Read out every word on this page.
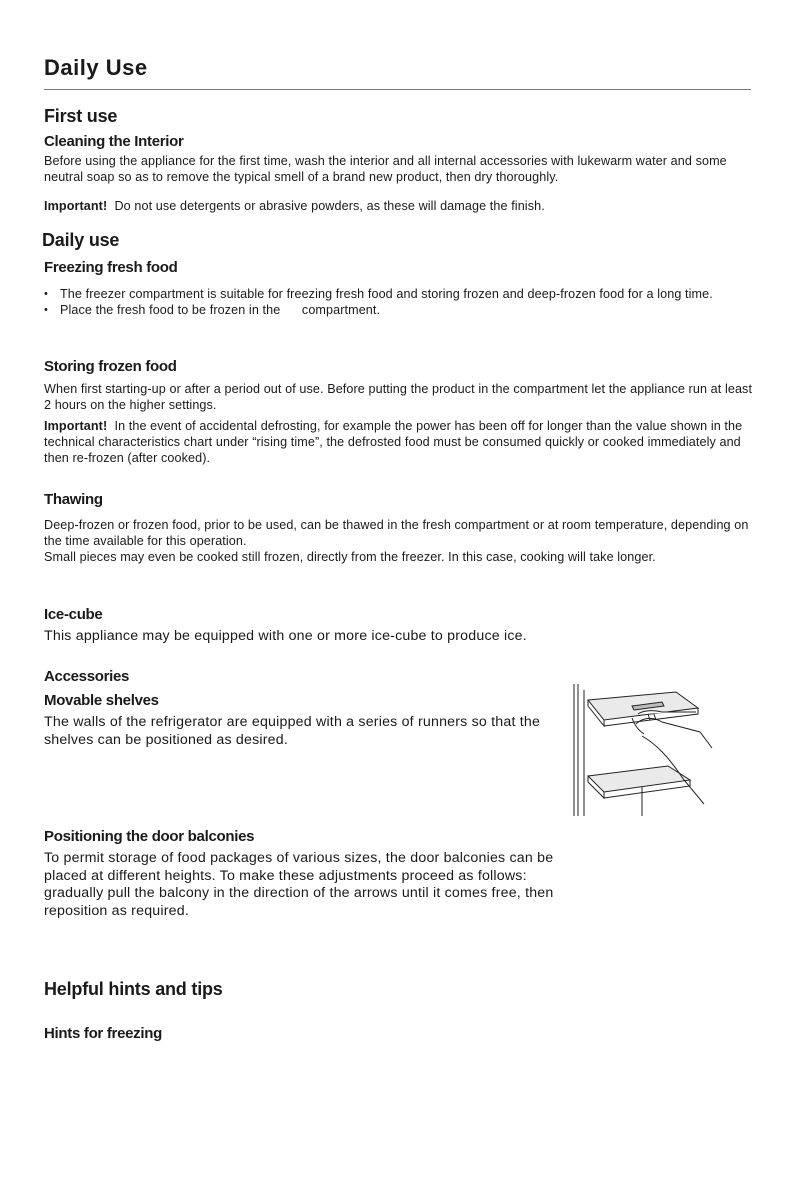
Daily Use
First use
Cleaning the Interior

Before using the appliance for the first time, wash the interior and all internal accessories with lukewarm water and some neutral soap so as to remove the typical smell of a brand new product, then dry thoroughly.

Important! Do not use detergents or abrasive powders, as these will damage the finish.

Daily use
Freezing fresh food
• The freezer compartment is suitable for freezing fresh food and storing frozen and deep-frozen food for a long time.
• Place the fresh food to be frozen in the      compartment.
Storing frozen food

When first starting-up or after a period out of use. Before putting the product in the compartment let the appliance run at least 2 hours on the higher settings.

Important! In the event of accidental defrosting, for example the power has been off for longer than the value shown in the technical characteristics chart under “rising time”, the defrosted food must be consumed quickly or cooked immediately and then re-frozen (after cooked).

Thawing

Deep-frozen or frozen food, prior to be used, can be thawed in the fresh compartment or at room temperature, depending on the time available for this operation.

Small pieces may even be cooked still frozen, directly from the freezer. In this case, cooking will take longer.

Ice-cube

This appliance may be equipped with one or more ice-cube to produce ice.

Accessories
Movable shelves

The walls of the refrigerator are equipped with a series of runners so that the shelves can be positioned as desired.

Positioning the door balconies

To permit storage of food packages of various sizes, the door balconies can be placed at different heights. To make these adjustments proceed as follows: gradually pull the balcony in the direction of the arrows until it comes free, then reposition as required.

Helpful hints and tips
Hints for freezing
